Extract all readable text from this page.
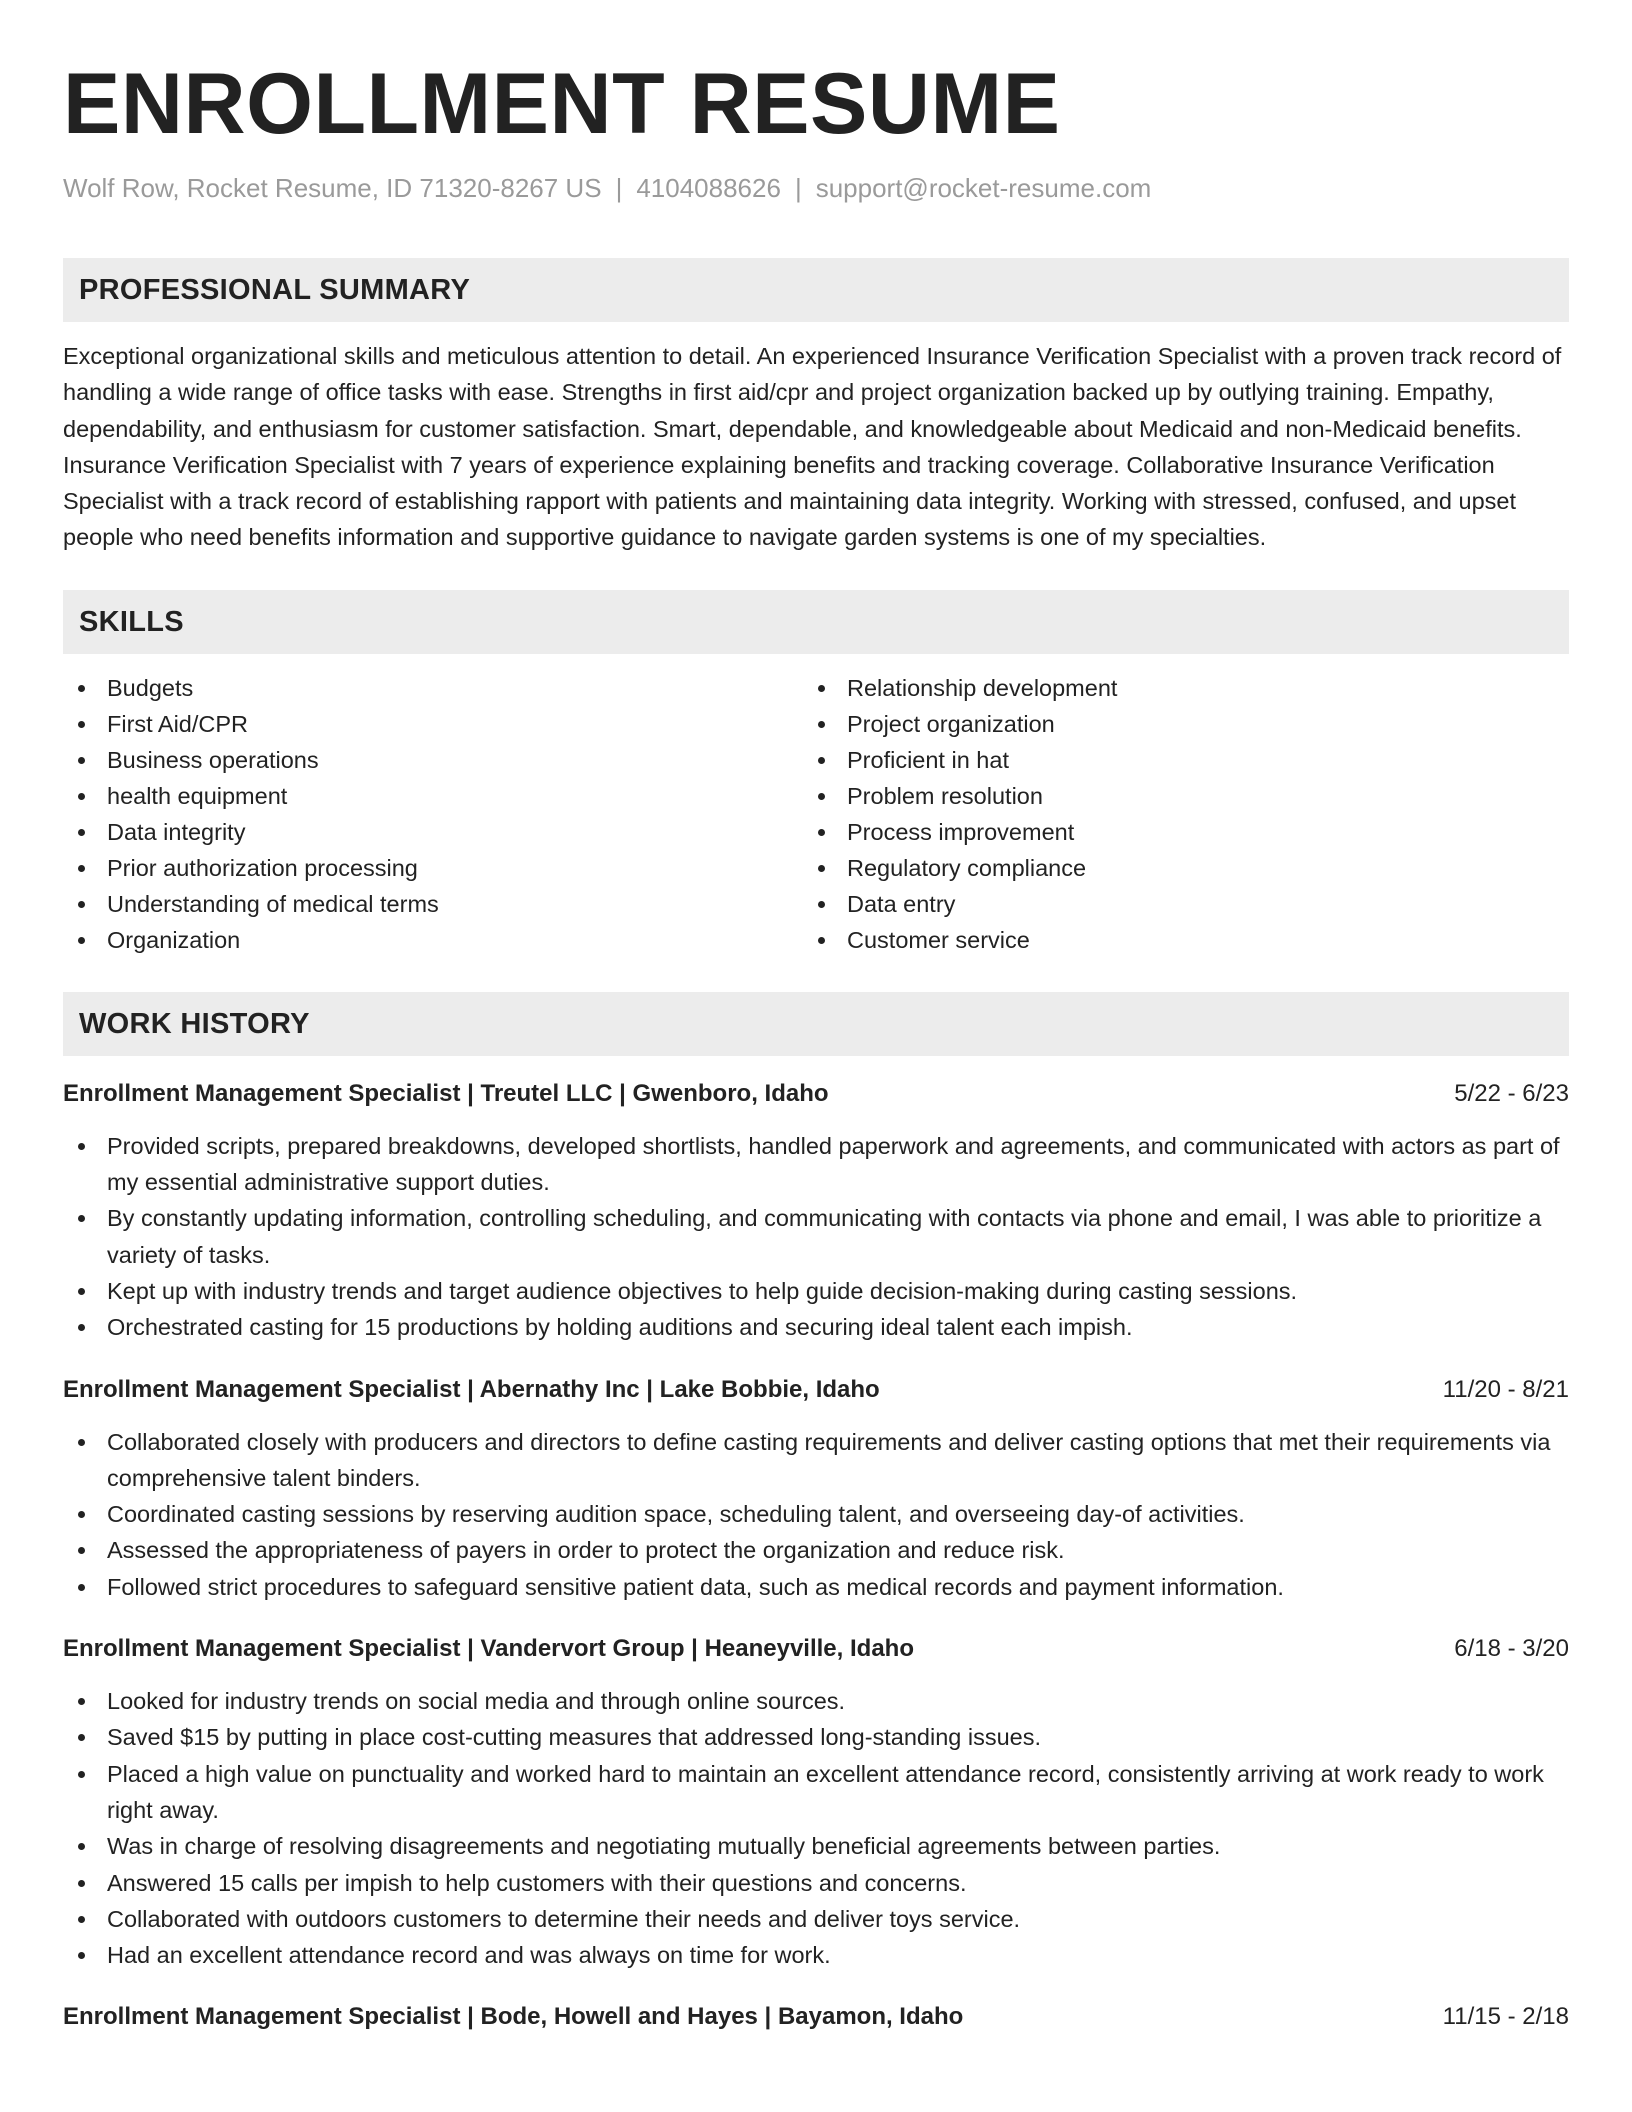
ENROLLMENT RESUME
Wolf Row, Rocket Resume, ID 71320-8267 US | 4104088626 | support@rocket-resume.com
PROFESSIONAL SUMMARY
Exceptional organizational skills and meticulous attention to detail. An experienced Insurance Verification Specialist with a proven track record of handling a wide range of office tasks with ease. Strengths in first aid/cpr and project organization backed up by outlying training. Empathy, dependability, and enthusiasm for customer satisfaction. Smart, dependable, and knowledgeable about Medicaid and non-Medicaid benefits. Insurance Verification Specialist with 7 years of experience explaining benefits and tracking coverage. Collaborative Insurance Verification Specialist with a track record of establishing rapport with patients and maintaining data integrity. Working with stressed, confused, and upset people who need benefits information and supportive guidance to navigate garden systems is one of my specialties.
SKILLS
Budgets
First Aid/CPR
Business operations
health equipment
Data integrity
Prior authorization processing
Understanding of medical terms
Organization
Relationship development
Project organization
Proficient in hat
Problem resolution
Process improvement
Regulatory compliance
Data entry
Customer service
WORK HISTORY
Enrollment Management Specialist | Treutel LLC | Gwenboro, Idaho	5/22 - 6/23
Provided scripts, prepared breakdowns, developed shortlists, handled paperwork and agreements, and communicated with actors as part of my essential administrative support duties.
By constantly updating information, controlling scheduling, and communicating with contacts via phone and email, I was able to prioritize a variety of tasks.
Kept up with industry trends and target audience objectives to help guide decision-making during casting sessions.
Orchestrated casting for 15 productions by holding auditions and securing ideal talent each impish.
Enrollment Management Specialist | Abernathy Inc | Lake Bobbie, Idaho	11/20 - 8/21
Collaborated closely with producers and directors to define casting requirements and deliver casting options that met their requirements via comprehensive talent binders.
Coordinated casting sessions by reserving audition space, scheduling talent, and overseeing day-of activities.
Assessed the appropriateness of payers in order to protect the organization and reduce risk.
Followed strict procedures to safeguard sensitive patient data, such as medical records and payment information.
Enrollment Management Specialist | Vandervort Group | Heaneyville, Idaho	6/18 - 3/20
Looked for industry trends on social media and through online sources.
Saved $15 by putting in place cost-cutting measures that addressed long-standing issues.
Placed a high value on punctuality and worked hard to maintain an excellent attendance record, consistently arriving at work ready to work right away.
Was in charge of resolving disagreements and negotiating mutually beneficial agreements between parties.
Answered 15 calls per impish to help customers with their questions and concerns.
Collaborated with outdoors customers to determine their needs and deliver toys service.
Had an excellent attendance record and was always on time for work.
Enrollment Management Specialist | Bode, Howell and Hayes | Bayamon, Idaho	11/15 - 2/18
